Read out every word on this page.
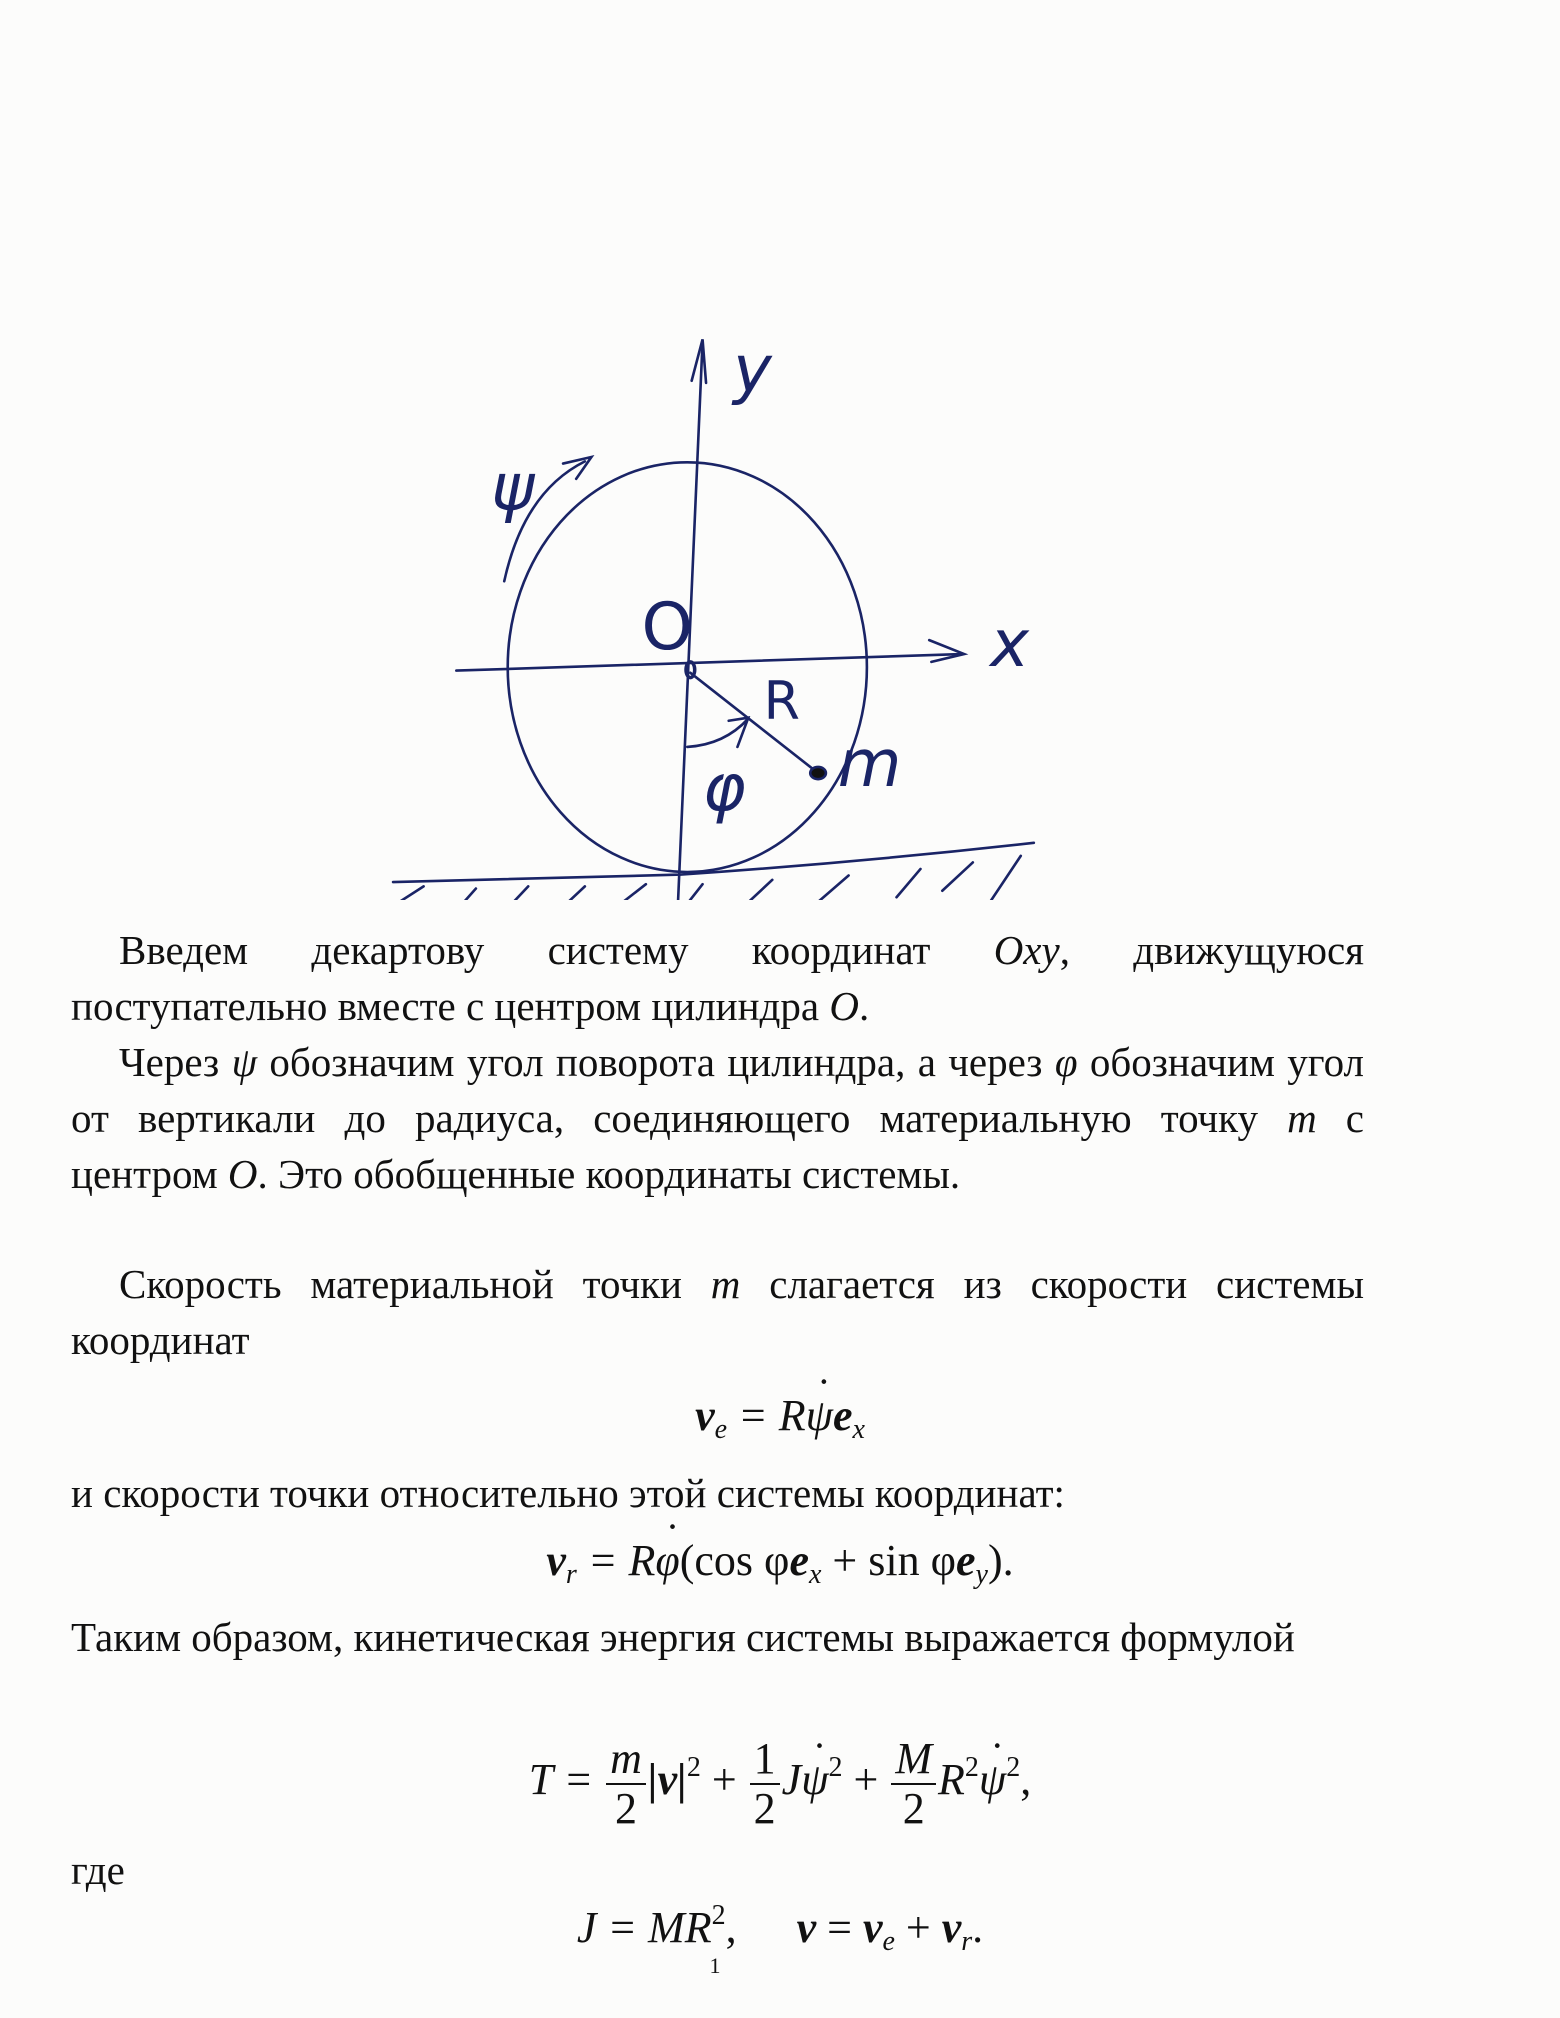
y
x
O
R
m
φ
ψ

Введем декартову систему координат Oxy, движущуюся поступательно вместе с центром цилиндра O.

Через ψ обозначим угол поворота цилиндра, а через φ обозначим угол от вертикали до радиуса, соединяющего материальную точку m с центром O. Это обобщенные координаты системы.

Скорость материальной точки m слагается из скорости системы координат

$v_e$ = R˙ $\psi e_x$

и скорости точки относительно этой системы координат:

$v_r$ = R˙ φ(cos $\varphi e_x + \sin \varphi e_y$).

Таким образом, кинетическая энергия системы выражается формулой

$T = \frac{m}{2} |v|^2 + \frac{1}{2}$ J˙ $\psi^2 + \frac{M}{2}$ $R^2˙$ $\psi^2$,

где

$J = MR^2$, $v = v_e + v_r$.
1
